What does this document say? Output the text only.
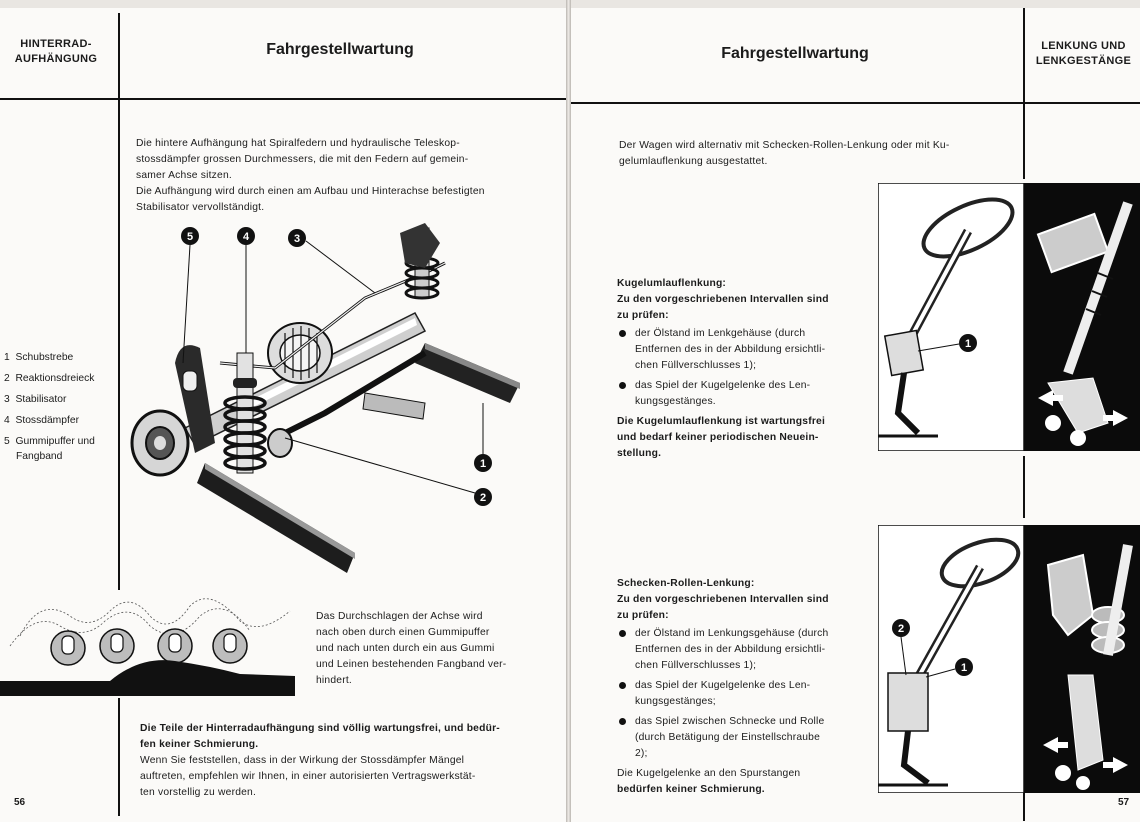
HINTERRAD-
AUFHÄNGUNG
Fahrgestellwartung

Die hintere Aufhängung hat Spiralfedern und hydraulische Teleskop-

stossdämpfer grossen Durchmessers, die mit den Federn auf gemein-

samer Achse sitzen.

Die Aufhängung wird durch einen am Aufbau und Hinterachse befestigten

Stabilisator vervollständigt.

1 Schubstrebe
2 Reaktionsdreieck
3 Stabilisator
4 Stossdämpfer
5 Gummipuffer und
Fangband
5	4	3
1
2

Das Durchschlagen der Achse wird

nach oben durch einen Gummipuffer

und nach unten durch ein aus Gummi

und Leinen bestehenden Fangband ver-

hindert.

Die Teile der Hinterradaufhängung sind völlig wartungsfrei, und bedür-

fen keiner Schmierung.

Wenn Sie feststellen, dass in der Wirkung der Stossdämpfer Mängel

auftreten, empfehlen wir Ihnen, in einer autorisierten Vertragswerkstät-

ten vorstellig zu werden.

56
Fahrgestellwartung	LENKUNG UND
LENKGESTÄNGE

Der Wagen wird alternativ mit Schecken-Rollen-Lenkung oder mit Ku-

gelumlauflenkung ausgestattet.

Kugelumlauflenkung:

Zu den vorgeschriebenen Intervallen sind

zu prüfen:

der Ölstand im Lenkgehäuse (durch

Entfernen des in der Abbildung ersichtli-

chen Füllverschlusses 1);

das Spiel der Kugelgelenke des Len-

kungsgestänges.

Die Kugelumlauflenkung ist wartungsfrei

und bedarf keiner periodischen Neuein-

stellung.

Schecken-Rollen-Lenkung:

Zu den vorgeschriebenen Intervallen sind

zu prüfen:

der Ölstand im Lenkungsgehäuse (durch

Entfernen des in der Abbildung ersichtli-

chen Füllverschlusses 1);

das Spiel der Kugelgelenke des Len-

kungsgestänges;

das Spiel zwischen Schnecke und Rolle

(durch Betätigung der Einstellschraube

2);

Die Kugelgelenke an den Spurstangen

bedürfen keiner Schmierung.

1
2
1
57
